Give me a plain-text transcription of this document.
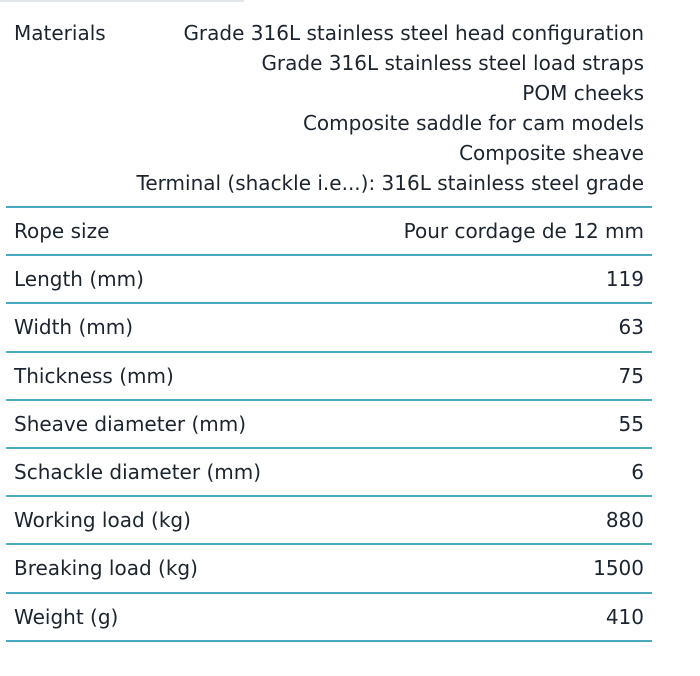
Materials	Grade 316L stainless steel head configuration
Grade 316L stainless steel load straps
POM cheeks
Composite saddle for cam models
Composite sheave
Terminal (shackle i.e...): 316L stainless steel grade
Rope size	Pour cordage de 12 mm
Length (mm)	119
Width (mm)	63
Thickness (mm)	75
Sheave diameter (mm)	55
Schackle diameter (mm)	6
Working load (kg)	880
Breaking load (kg)	1500
Weight (g)	410
